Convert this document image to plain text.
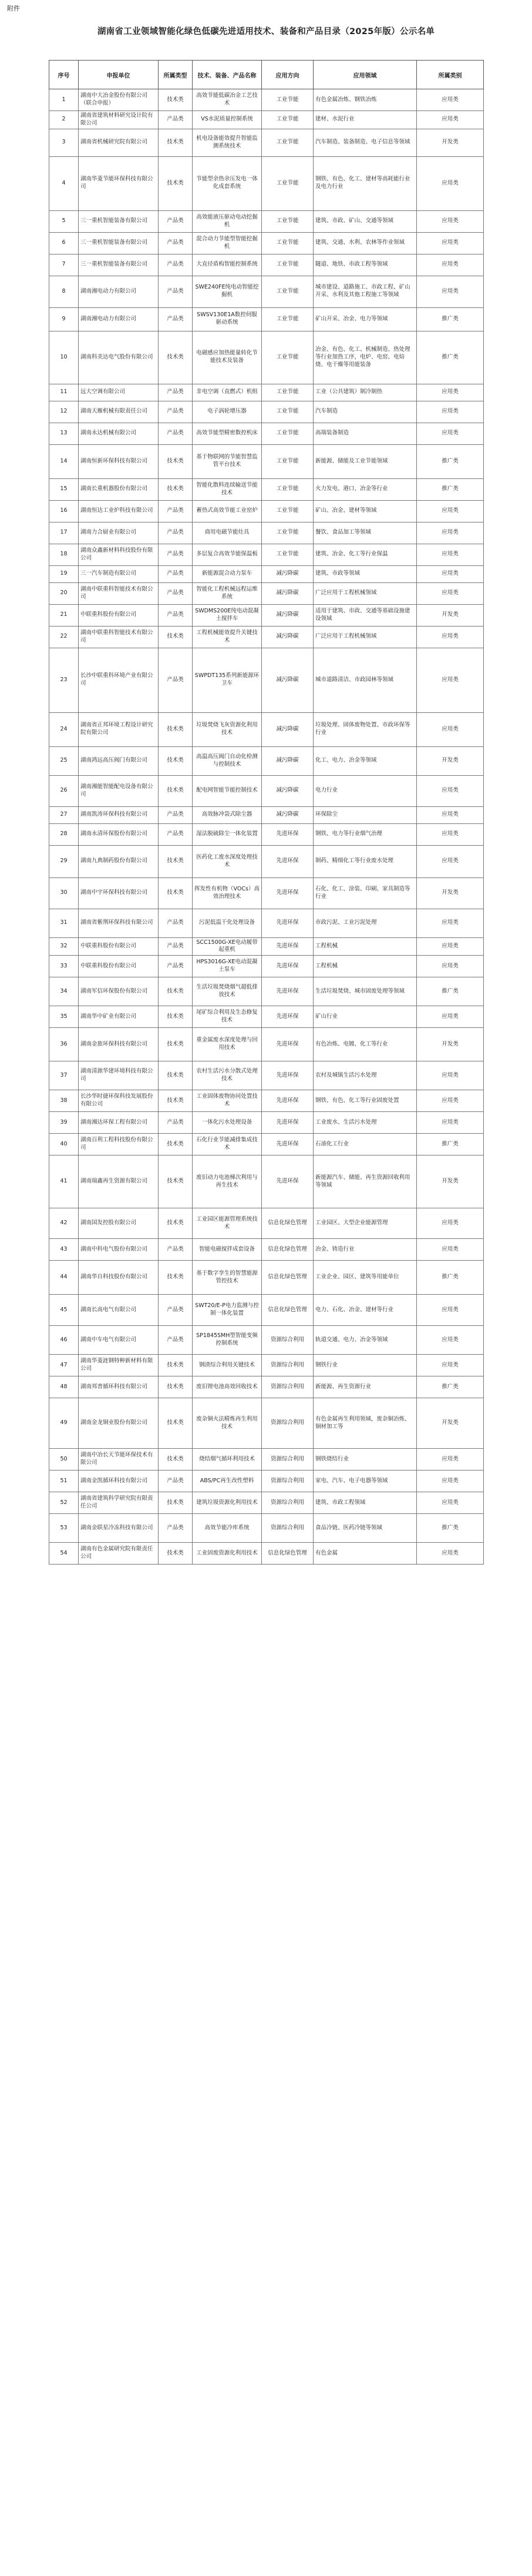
附件
湖南省工业领域智能化绿色低碳先进适用技术、装备和产品目录（2025年版）公示名单
序号	申报单位	所属类型	技术、装备、产品名称	应用方向	应用领域	所属类别
1	湖南中大冶金股份有限公司（联合申报）	技术类	高效节能低碳冶金工艺技术	工业节能	有色金属冶炼、钢铁冶炼	应用类
2	湖南省建筑材料研究设计院有限公司	产品类	VS水泥质量控制系统	工业节能	建材、水泥行业	应用类
3	湖南省机械研究院有限公司	技术类	机电设备能效提升智能监测系统技术	工业节能	汽车制造、装备制造、电子信息等领域	开发类
4	湖南华菱节能环保科技有限公司	技术类	节能型余热余压发电一体化成套系统	工业节能	钢铁、有色、化工、建材等高耗能行业及电力行业	应用类
5	三一重机智能装备有限公司	产品类	高效能液压驱动电动挖掘机	工业节能	建筑、市政、矿山、交通等领域	应用类
6	三一重机智能装备有限公司	产品类	混合动力节能型智能挖掘机	工业节能	建筑、交通、水利、农林等作业领域	应用类
7	三一重机智能装备有限公司	产品类	大直径盾构智能控制系统	工业节能	隧道、地铁、市政工程等领域	应用类
8	湖南湘电动力有限公司	产品类	SWE240FE纯电动智能挖掘机	工业节能	城市建设、道路施工、市政工程、矿山开采、水利及其他工程施工等领域	应用类
9	湖南湘电动力有限公司	产品类	SWSV130E1A数控伺服驱动系统	工业节能	矿山开采、冶金、电力等领域	推广类
10	湖南科美达电气股份有限公司	技术类	电磁感应加热能量转化节能技术及装备	工业节能	冶金、有色、化工、机械制造、热处理等行业加热工序，电炉、电窑、电焙烧、电干燥等用能装备	推广类
11	远大空调有限公司	产品类	非电空调（直燃式）机组	工业节能	工业（公共建筑）制冷制热	应用类
12	湖南天雁机械有限责任公司	产品类	电子涡轮增压器	工业节能	汽车制造	应用类
13	湖南永达机械有限公司	产品类	高效节能型精密数控机床	工业节能	高端装备制造	应用类
14	湖南恒新环保科技有限公司	技术类	基于物联网的节能智慧监管平台技术	工业节能	新能源、储能及工业节能领域	推广类
15	湖南长重机器股份有限公司	技术类	智能化散料连续输送节能技术	工业节能	火力发电、港口、冶金等行业	推广类
16	湖南恒达工业炉科技有限公司	产品类	蓄热式高效节能工业窑炉	工业节能	矿山、冶金、建材等领域	应用类
17	湖南力合厨业有限公司	产品类	商用电磁节能灶具	工业节能	餐饮、食品加工等领域	应用类
18	湖南众鑫新材料科技股份有限公司	产品类	多层复合高效节能保温板	工业节能	建筑、冶金、化工等行业保温	应用类
19	三一汽车制造有限公司	产品类	新能源混合动力泵车	减污降碳	建筑、市政等领域	应用类
20	湖南中联重科智能技术有限公司	产品类	智能化工程机械远程运维系统	减污降碳	广泛应用于工程机械领域	应用类
21	中联重科股份有限公司	产品类	SWDMS200E纯电动混凝土搅拌车	减污降碳	适用于建筑、市政、交通等基础设施建设领域	开发类
22	湖南中联重科智能技术有限公司	技术类	工程机械能效提升关键技术	减污降碳	广泛应用于工程机械领域	应用类
23	长沙中联重科环境产业有限公司	产品类	SWPDT135系列新能源环卫车	减污降碳	城市道路清洁、市政园林等领域	应用类
24	湖南省正邦环境工程设计研究院有限公司	技术类	垃圾焚烧飞灰资源化利用技术	减污降碳	垃圾处理、固体废物处置、市政环保等行业	应用类
25	湖南鸿远高压阀门有限公司	技术类	高温高压阀门自动化检测与控制技术	减污降碳	化工、电力、冶金等领域	开发类
26	湖南湘能智能配电设备有限公司	技术类	配电网智能节能控制技术	减污降碳	电力行业	应用类
27	湖南凯涛环保科技有限公司	产品类	高效脉冲袋式除尘器	减污降碳	环保除尘	应用类
28	湖南永清环保股份有限公司	产品类	湿法脱硫除尘一体化装置	先进环保	钢铁、电力等行业烟气治理	应用类
29	湖南九典制药股份有限公司	技术类	医药化工废水深度处理技术	先进环保	制药、精细化工等行业废水处理	应用类
30	湖南中宇环保科技有限公司	技术类	挥发性有机物（VOCs）高效治理技术	先进环保	石化、化工、涂装、印刷、家具制造等行业	开发类
31	湖南省紫荆环保科技有限公司	产品类	污泥低温干化处理设备	先进环保	市政污泥、工业污泥处理	应用类
32	中联重科股份有限公司	产品类	SCC1500G-XE电动履带起重机	先进环保	工程机械	应用类
33	中联重科股份有限公司	产品类	HPS3016G-XE电动混凝土泵车	先进环保	工程机械	应用类
34	湖南军信环保股份有限公司	技术类	生活垃圾焚烧烟气超低排放技术	先进环保	生活垃圾焚烧、城市固废处理等领域	推广类
35	湖南华中矿业有限公司	技术类	尾矿综合利用及生态修复技术	先进环保	矿山行业	应用类
36	湖南金旅环保科技有限公司	技术类	重金属废水深度处理与回用技术	先进环保	有色冶炼、电镀、化工等行业	开发类
37	湖南清源华建环境科技有限公司	技术类	农村生活污水分散式处理技术	先进环保	农村及城镇生活污水处理	应用类
38	长沙华时捷环保科技发展股份有限公司	技术类	工业固体废物协同处置技术	先进环保	钢铁、有色、化工等行业固废处置	应用类
39	湖南湘达环保工程有限公司	产品类	一体化污水处理设备	先进环保	工业废水、生活污水处理	应用类
40	湖南百利工程科技股份有限公司	技术类	石化行业节能减排集成技术	先进环保	石油化工行业	推广类
41	湖南瑞鑫再生资源有限公司	技术类	废旧动力电池梯次利用与再生技术	先进环保	新能源汽车、储能、再生资源回收利用等领域	开发类
42	湖南国发控股有限公司	技术类	工业园区能源管理系统技术	信息化绿色管理	工业园区、大型企业能源管理	应用类
43	湖南中科电气股份有限公司	产品类	智能电磁搅拌成套设备	信息化绿色管理	冶金、铸造行业	应用类
44	湖南华自科技股份有限公司	技术类	基于数字孪生的智慧能源管控技术	信息化绿色管理	工业企业、园区、建筑等用能单位	推广类
45	湖南长高电气有限公司	产品类	SWT20/E-P电力监测与控制一体化装置	信息化绿色管理	电力、石化、冶金、建材等行业	应用类
46	湖南中车电气有限公司	产品类	SP1845SMH型智能变频控制系统	资源综合利用	轨道交通、电力、冶金等领域	应用类
47	湖南华菱涟钢特种新材料有限公司	技术类	钢渣综合利用关键技术	资源综合利用	钢铁行业	应用类
48	湖南邦普循环科技有限公司	技术类	废旧锂电池高效回收技术	资源综合利用	新能源、再生资源行业	推广类
49	湖南金龙铜业股份有限公司	技术类	废杂铜火法精炼再生利用技术	资源综合利用	有色金属再生利用领域，废杂铜冶炼、铜材加工等	开发类
50	湖南中冶长天节能环保技术有限公司	技术类	烧结烟气循环利用技术	资源综合利用	钢铁烧结行业	应用类
51	湖南金凯循环科技有限公司	产品类	ABS/PC再生改性塑料	资源综合利用	家电、汽车、电子电器等领域	应用类
52	湖南省建筑科学研究院有限责任公司	技术类	建筑垃圾资源化利用技术	资源综合利用	建筑、市政工程领域	应用类
53	湖南金联星冷冻科技有限公司	产品类	高效节能冷库系统	资源综合利用	食品冷链、医药冷链等领域	推广类
54	湖南有色金属研究院有限责任公司	技术类	工业固废资源化利用技术	信息化绿色管理	有色金属	应用类
